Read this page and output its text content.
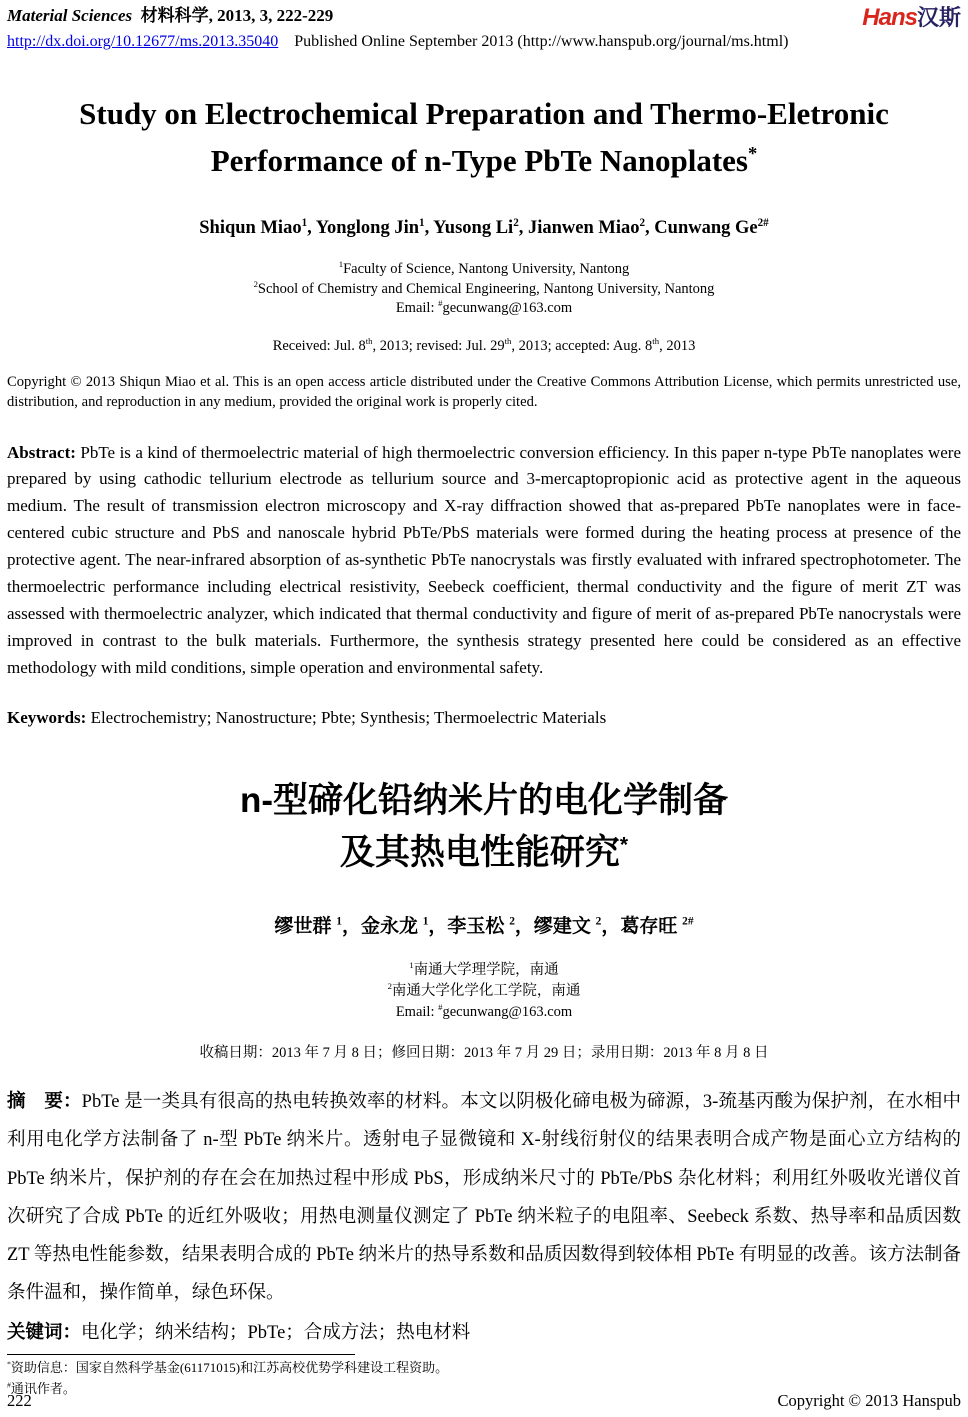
Material Sciences 材料科学, 2013, 3, 222-229	Hans汉斯
http://dx.doi.org/10.12677/ms.2013.35040 Published Online September 2013 (http://www.hanspub.org/journal/ms.html)
Study on Electrochemical Preparation and Thermo-Eletronic
Performance of n-Type PbTe Nanoplates*
Shiqun Miao$^1$, Yonglong Jin$^1$, Yusong Li$^2$, Jianwen Miao$^2$, Cunwang $Ge^{2\#}$
$^1$Faculty of Science, Nantong University, Nantong
$^2$School of Chemistry and Chemical Engineering, Nantong University, Nantong
Email: #gecunwang@163.com
Received: Jul. 8th, 2013; revised: Jul. 29th, 2013; accepted: Aug. 8th, 2013
Copyright © 2013 Shiqun Miao et al. This is an open access article distributed under the Creative Commons Attribution License, which permits unrestricted use, distribution, and reproduction in any medium, provided the original work is properly cited.
Abstract: PbTe is a kind of thermoelectric material of high thermoelectric conversion efficiency. In this paper n-type PbTe nanoplates were prepared by using cathodic tellurium electrode as tellurium source and 3-mercaptopropionic acid as protective agent in the aqueous medium. The result of transmission electron microscopy and X-ray diffraction showed that as-prepared PbTe nanoplates were in face-centered cubic structure and PbS and nanoscale hybrid PbTe/PbS materials were formed during the heating process at presence of the protective agent. The near-infrared absorption of as-synthetic PbTe nanocrystals was firstly evaluated with infrared spectrophotometer. The thermoelectric performance including electrical resistivity, Seebeck coefficient, thermal conductivity and the figure of merit ZT was assessed with thermoelectric analyzer, which indicated that thermal conductivity and figure of merit of as-prepared PbTe nanocrystals were improved in contrast to the bulk materials. Furthermore, the synthesis strategy presented here could be considered as an effective methodology with mild conditions, simple operation and environmental safety.
Keywords: Electrochemistry; Nanostructure; Pbte; Synthesis; Thermoelectric Materials
n-型碲化铅纳米片的电化学制备
及其热电性能研究*
缪世群 $^1$，金永龙 $^1$，李玉松 $^2$，缪建文 $^2$，葛存旺 $^{2\#}$
$^1$南通大学理学院，南通
$^2$南通大学化学化工学院，南通
Email: #gecunwang@163.com
收稿日期：2013 年 7 月 8 日；修回日期：2013 年 7 月 29 日；录用日期：2013 年 8 月 8 日
摘　要：PbTe 是一类具有很高的热电转换效率的材料。本文以阴极化碲电极为碲源，3-巯基丙酸为保护剂，在水相中利用电化学方法制备了 n-型 PbTe 纳米片。透射电子显微镜和 X-射线衍射仪的结果表明合成产物是面心立方结构的 PbTe 纳米片，保护剂的存在会在加热过程中形成 PbS，形成纳米尺寸的 PbTe/PbS 杂化材料；利用红外吸收光谱仪首次研究了合成 PbTe 的近红外吸收；用热电测量仪测定了 PbTe 纳米粒子的电阻率、Seebeck 系数、热导率和品质因数 ZT 等热电性能参数，结果表明合成的 PbTe 纳米片的热导系数和品质因数得到较体相 PbTe 有明显的改善。该方法制备条件温和，操作简单，绿色环保。
关键词：电化学；纳米结构；PbTe；合成方法；热电材料
*资助信息：国家自然科学基金(61171015)和江苏高校优势学科建设工程资助。
#通讯作者。
222	Copyright © 2013 Hanspub
